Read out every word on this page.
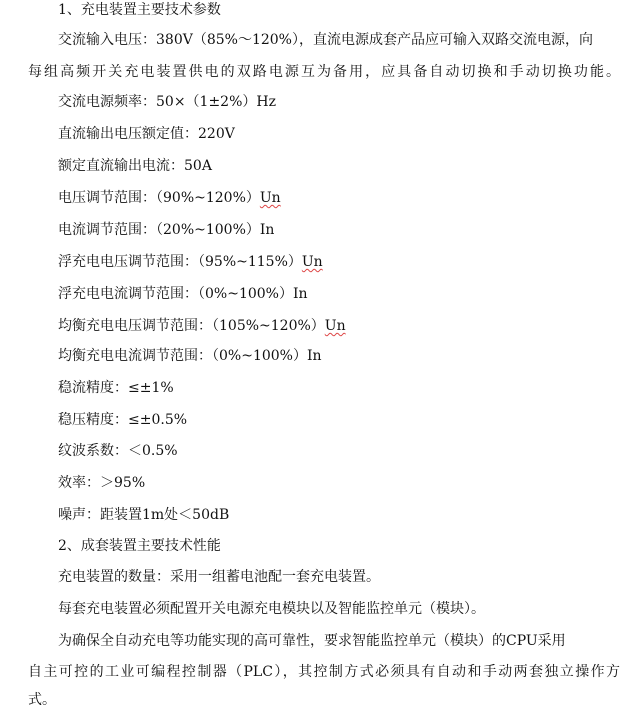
1、充电装置主要技术参数
交流输入电压：380V（85%～120%），直流电源成套产品应可输入双路交流电源，向
每组高频开关充电装置供电的双路电源互为备用，应具备自动切换和手动切换功能。
交流电源频率：50×（1±2%）Hz
直流输出电压额定值：220V
额定直流输出电流：50A
电压调节范围：（90%~120%）Un
电流调节范围：（20%~100%）In
浮充电电压调节范围：（95%~115%）Un
浮充电电流调节范围：（0%~100%）In
均衡充电电压调节范围：（105%~120%）Un
均衡充电电流调节范围：（0%~100%）In
稳流精度：≤±1%
稳压精度：≤±0.5%
纹波系数：＜0.5%
效率：＞95%
噪声：距装置1m处＜50dB
2、成套装置主要技术性能
充电装置的数量：采用一组蓄电池配一套充电装置。
每套充电装置必须配置开关电源充电模块以及智能监控单元（模块）。
为确保全自动充电等功能实现的高可靠性，要求智能监控单元（模块）的CPU采用
自主可控的工业可编程控制器（PLC），其控制方式必须具有自动和手动两套独立操作方
式。
